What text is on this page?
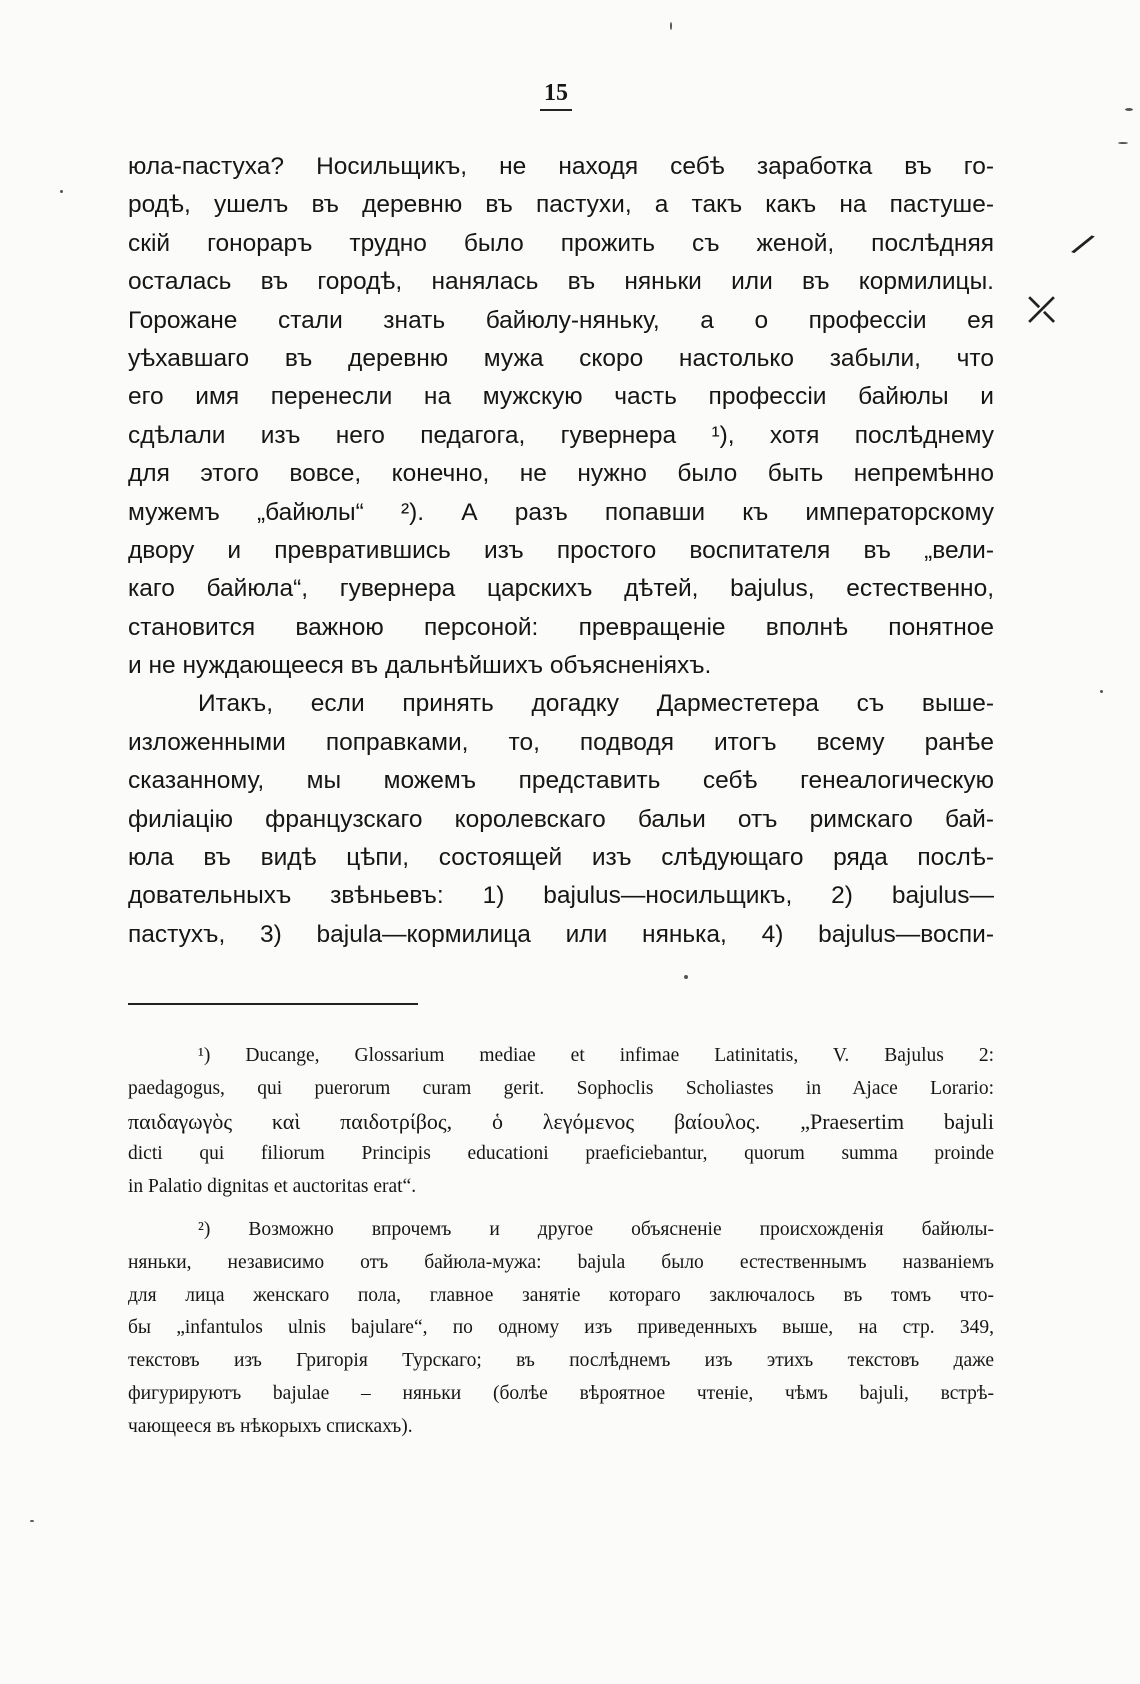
15
юла-пастуха? Носильщикъ, не находя себѣ заработка въ го-
родѣ, ушелъ въ деревню въ пастухи, а такъ какъ на пастуше-
скій гонораръ трудно было прожить съ женой, послѣдняя
осталась въ городѣ, нанялась въ няньки или въ кормилицы.
Горожане стали знать байюлу-няньку, а о профессіи ея
уѣхавшаго въ деревню мужа скоро настолько забыли, что
его имя перенесли на мужскую часть профессіи байюлы и
сдѣлали изъ него педагога, гувернера ¹), хотя послѣднему
для этого вовсе, конечно, не нужно было быть непремѣнно
мужемъ „байюлы“ ²). А разъ попавши къ императорскому
двору и превратившись изъ простого воспитателя въ „вели-
каго байюла“, гувернера царскихъ дѣтей, bajulus, естественно,
становится важною персоной: превращеніе вполнѣ понятное
и не нуждающееся въ дальнѣйшихъ объясненіяхъ.
Итакъ, если принять догадку Дарместетера съ выше-
изложенными поправками, то, подводя итогъ всему ранѣе
сказанному, мы можемъ представить себѣ генеалогическую
филіацію французскаго королевскаго бальи отъ римскаго бай-
юла въ видѣ цѣпи, состоящей изъ слѣдующаго ряда послѣ-
довательныхъ звѣньевъ: 1) bajulus—носильщикъ, 2) bajulus—
пастухъ, 3) bajula—кормилица или нянька, 4) bajulus—воспи-
¹) Ducange, Glossarium mediae et infimae Latinitatis, V. Bajulus 2:
paedagogus, qui puerorum curam gerit. Sophoclis Scholiastes in Ajace Lorario:
παιδαγωγὸς καὶ παιδοτρίβος, ὁ λεγόμενος βαίουλος. „Praesertim bajuli
dicti qui filiorum Principis educationi praeficiebantur, quorum summa proinde
in Palatio dignitas et auctoritas erat“.
²) Возможно впрочемъ и другое объясненіе происхожденія байюлы-
няньки, независимо отъ байюла-мужа: bajula было естественнымъ названіемъ
для лица женскаго пола, главное занятіе котораго заключалось въ томъ что-
бы „infantulos ulnis bajulare“, по одному изъ приведенныхъ выше, на стр. 349,
текстовъ изъ Григорія Турскаго; въ послѣднемъ изъ этихъ текстовъ даже
фигурируютъ bajulae – няньки (болѣе вѣроятное чтеніе, чѣмъ bajuli, встрѣ-
чающееся въ нѣкорыхъ спискахъ).
⁄
⤫
